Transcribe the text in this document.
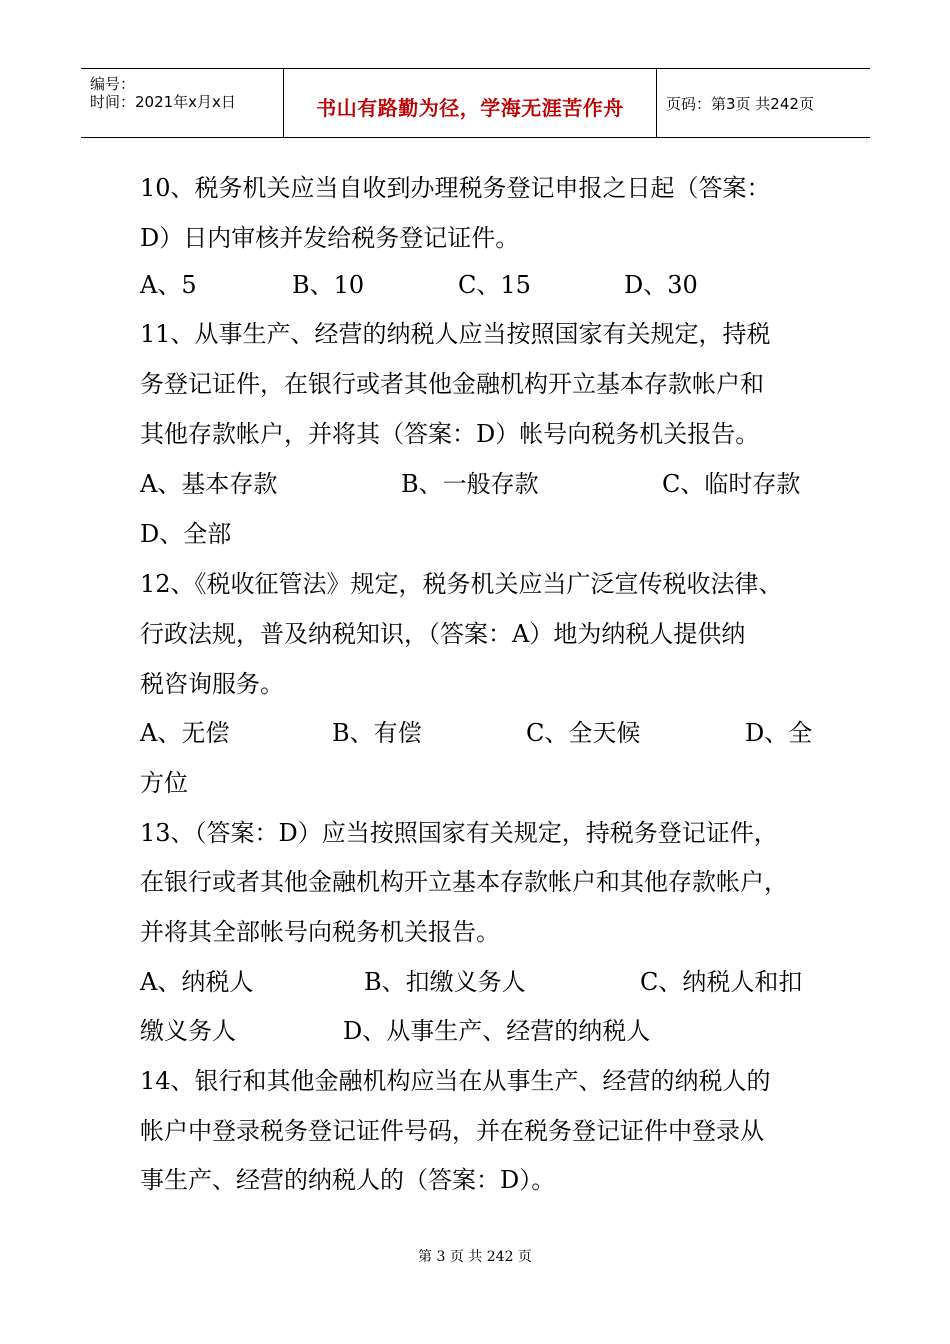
编号：
时间：2021年x月x日	书山有路勤为径，学海无涯苦作舟	页码：第3页 共242页
10、税务机关应当自收到办理税务登记申报之日起（答案：
D）日内审核并发给税务登记证件。
A、5	B、10	C、15	D、30
11、从事生产、经营的纳税人应当按照国家有关规定，持税
务登记证件，在银行或者其他金融机构开立基本存款帐户和
其他存款帐户，并将其（答案：D）帐号向税务机关报告。
A、基本存款	B、一般存款	C、临时存款
D、全部
12、《税收征管法》规定，税务机关应当广泛宣传税收法律、
行政法规，普及纳税知识，（答案：A）地为纳税人提供纳
税咨询服务。
A、无偿	B、有偿	C、全天候	D、全
方位
13、（答案：D）应当按照国家有关规定，持税务登记证件，
在银行或者其他金融机构开立基本存款帐户和其他存款帐户，
并将其全部帐号向税务机关报告。
A、纳税人	B、扣缴义务人	C、纳税人和扣
缴义务人	D、从事生产、经营的纳税人
14、银行和其他金融机构应当在从事生产、经营的纳税人的
帐户中登录税务登记证件号码，并在税务登记证件中登录从
事生产、经营的纳税人的（答案：D）。
第 3 页 共 242 页
